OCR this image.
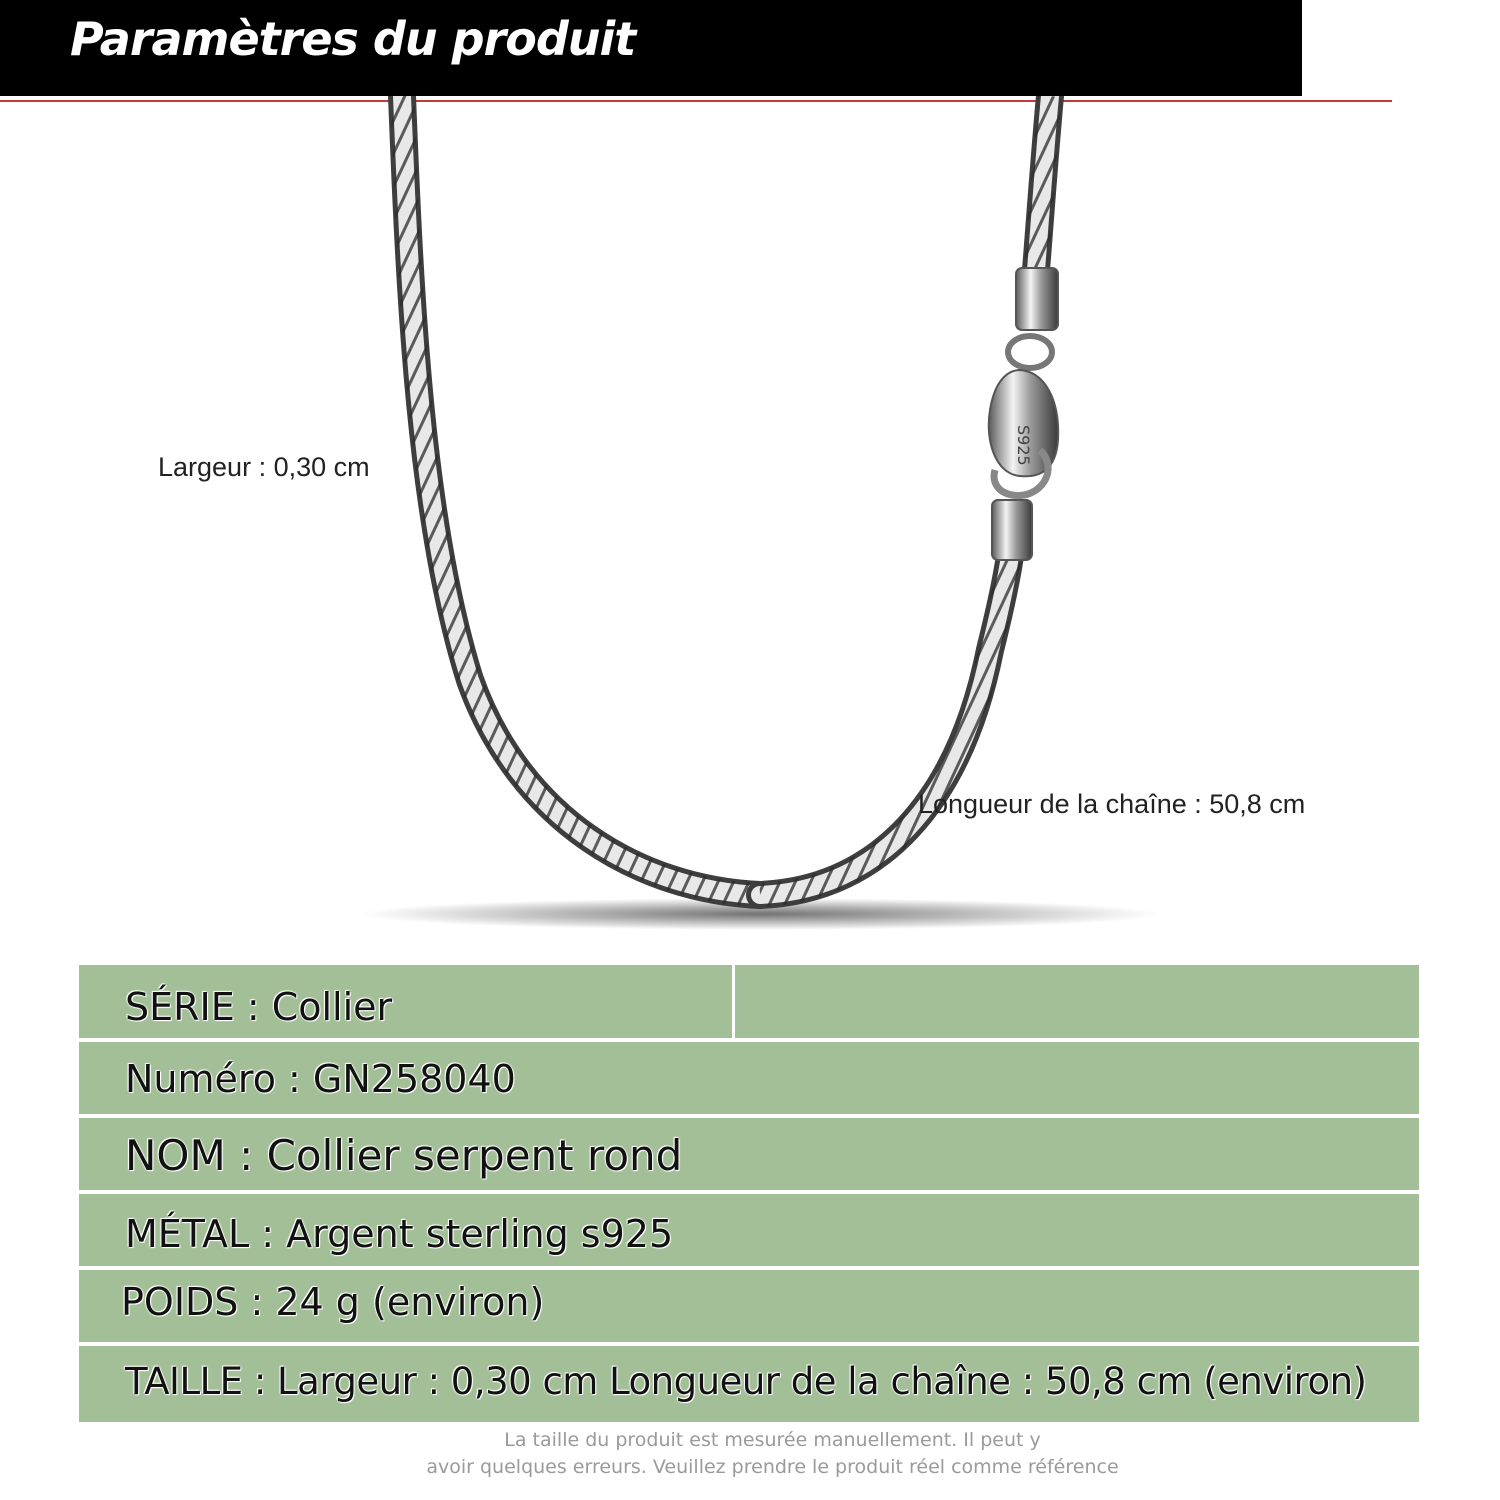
Paramètres du produit
S925
Largeur : 0,30 cm
Longueur de la chaîne : 50,8 cm
SÉRIE : Collier
Numéro : GN258040
NOM : Collier serpent rond
MÉTAL : Argent sterling s925
POIDS : 24 g (environ)
TAILLE : Largeur : 0,30 cm Longueur de la chaîne : 50,8 cm (environ)
La taille du produit est mesurée manuellement. Il peut y
avoir quelques erreurs. Veuillez prendre le produit réel comme référence
